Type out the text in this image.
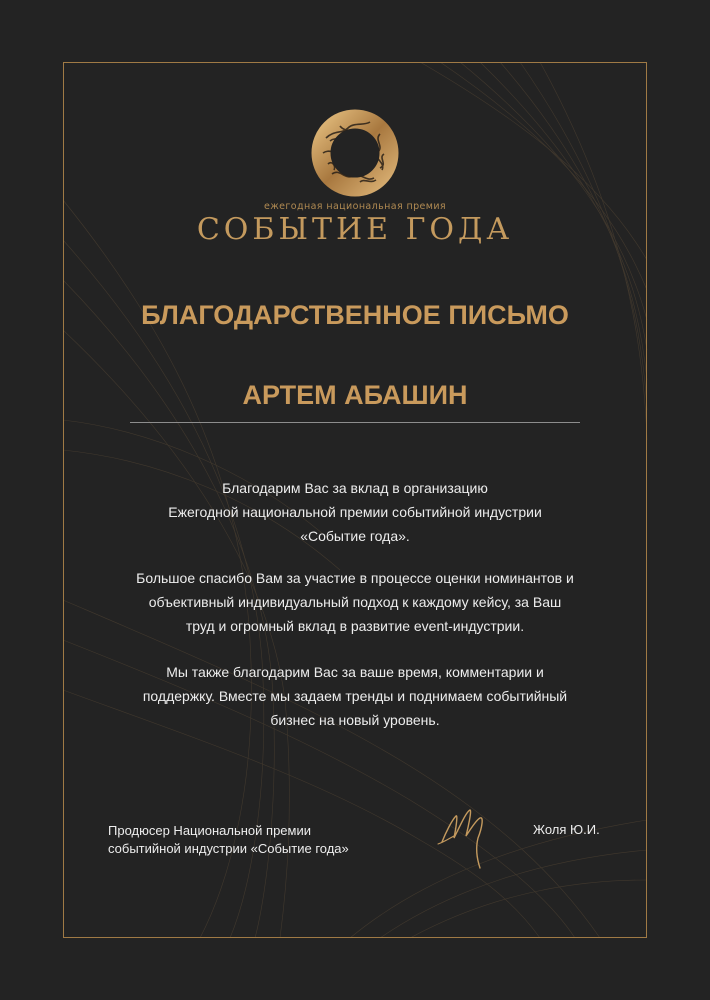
ежегодная национальная премия
СОБЫТИЕ ГОДА
БЛАГОДАРСТВЕННОЕ ПИСЬМО
АРТЕМ АБАШИН
Благодарим Вас за вклад в организацию
Ежегодной национальной премии событийной индустрии
«Событие года».
Большое спасибо Вам за участие в процессе оценки номинантов и
объективный индивидуальный подход к каждому кейсу, за Ваш
труд и огромный вклад в развитие event-индустрии.
Мы также благодарим Вас за ваше время, комментарии и
поддержку. Вместе мы задаем тренды и поднимаем событийный
бизнес на новый уровень.
Продюсер Национальной премии
событийной индустрии «Событие года»
Жоля Ю.И.
